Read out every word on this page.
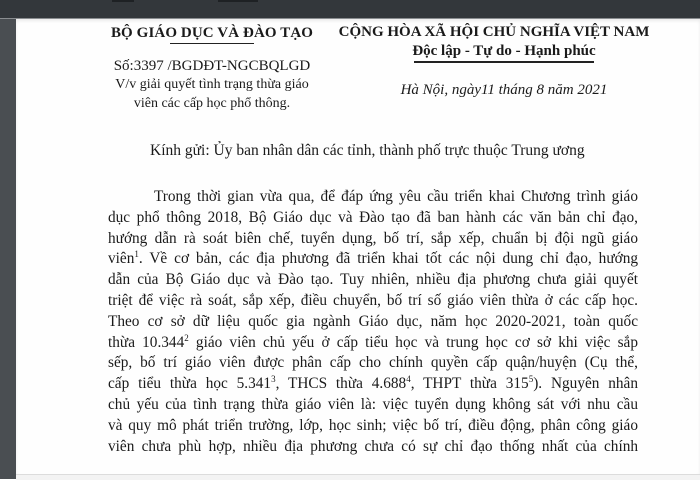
BỘ GIÁO DỤC VÀ ĐÀO TẠO
Số:3397 /BGDĐT-NGCBQLGD
V/v giải quyết tình trạng thừa giáo
viên các cấp học phổ thông.
CỘNG HÒA XÃ HỘI CHỦ NGHĨA VIỆT NAM
Độc lập - Tự do - Hạnh phúc
Hà Nội, ngày11 tháng 8 năm 2021
Kính gửi: Ủy ban nhân dân các tỉnh, thành phố trực thuộc Trung ương
Trong thời gian vừa qua, để đáp ứng yêu cầu triển khai Chương trình giáo
dục phổ thông 2018, Bộ Giáo dục và Đào tạo đã ban hành các văn bản chỉ đạo,
hướng dẫn rà soát biên chế, tuyển dụng, bố trí, sắp xếp, chuẩn bị đội ngũ giáo
viên$^1$. Về cơ bản, các địa phương đã triển khai tốt các nội dung chỉ đạo, hướng
dẫn của Bộ Giáo dục và Đào tạo. Tuy nhiên, nhiều địa phương chưa giải quyết
triệt để việc rà soát, sắp xếp, điều chuyển, bố trí số giáo viên thừa ở các cấp học.
Theo cơ sở dữ liệu quốc gia ngành Giáo dục, năm học 2020-2021, toàn quốc
thừa 10.344$^2$ giáo viên chủ yếu ở cấp tiểu học và trung học cơ sở khi việc sắp
sếp, bố trí giáo viên được phân cấp cho chính quyền cấp quận/huyện (Cụ thể,
cấp tiểu thừa học 5.341$^3$, THCS thừa 4.688$^4$, THPT thừa $315^5$). Nguyên nhân
chủ yếu của tình trạng thừa giáo viên là: việc tuyển dụng không sát với nhu cầu
và quy mô phát triển trường, lớp, học sinh; việc bố trí, điều động, phân công giáo
viên chưa phù hợp, nhiều địa phương chưa có sự chỉ đạo thống nhất của chính
